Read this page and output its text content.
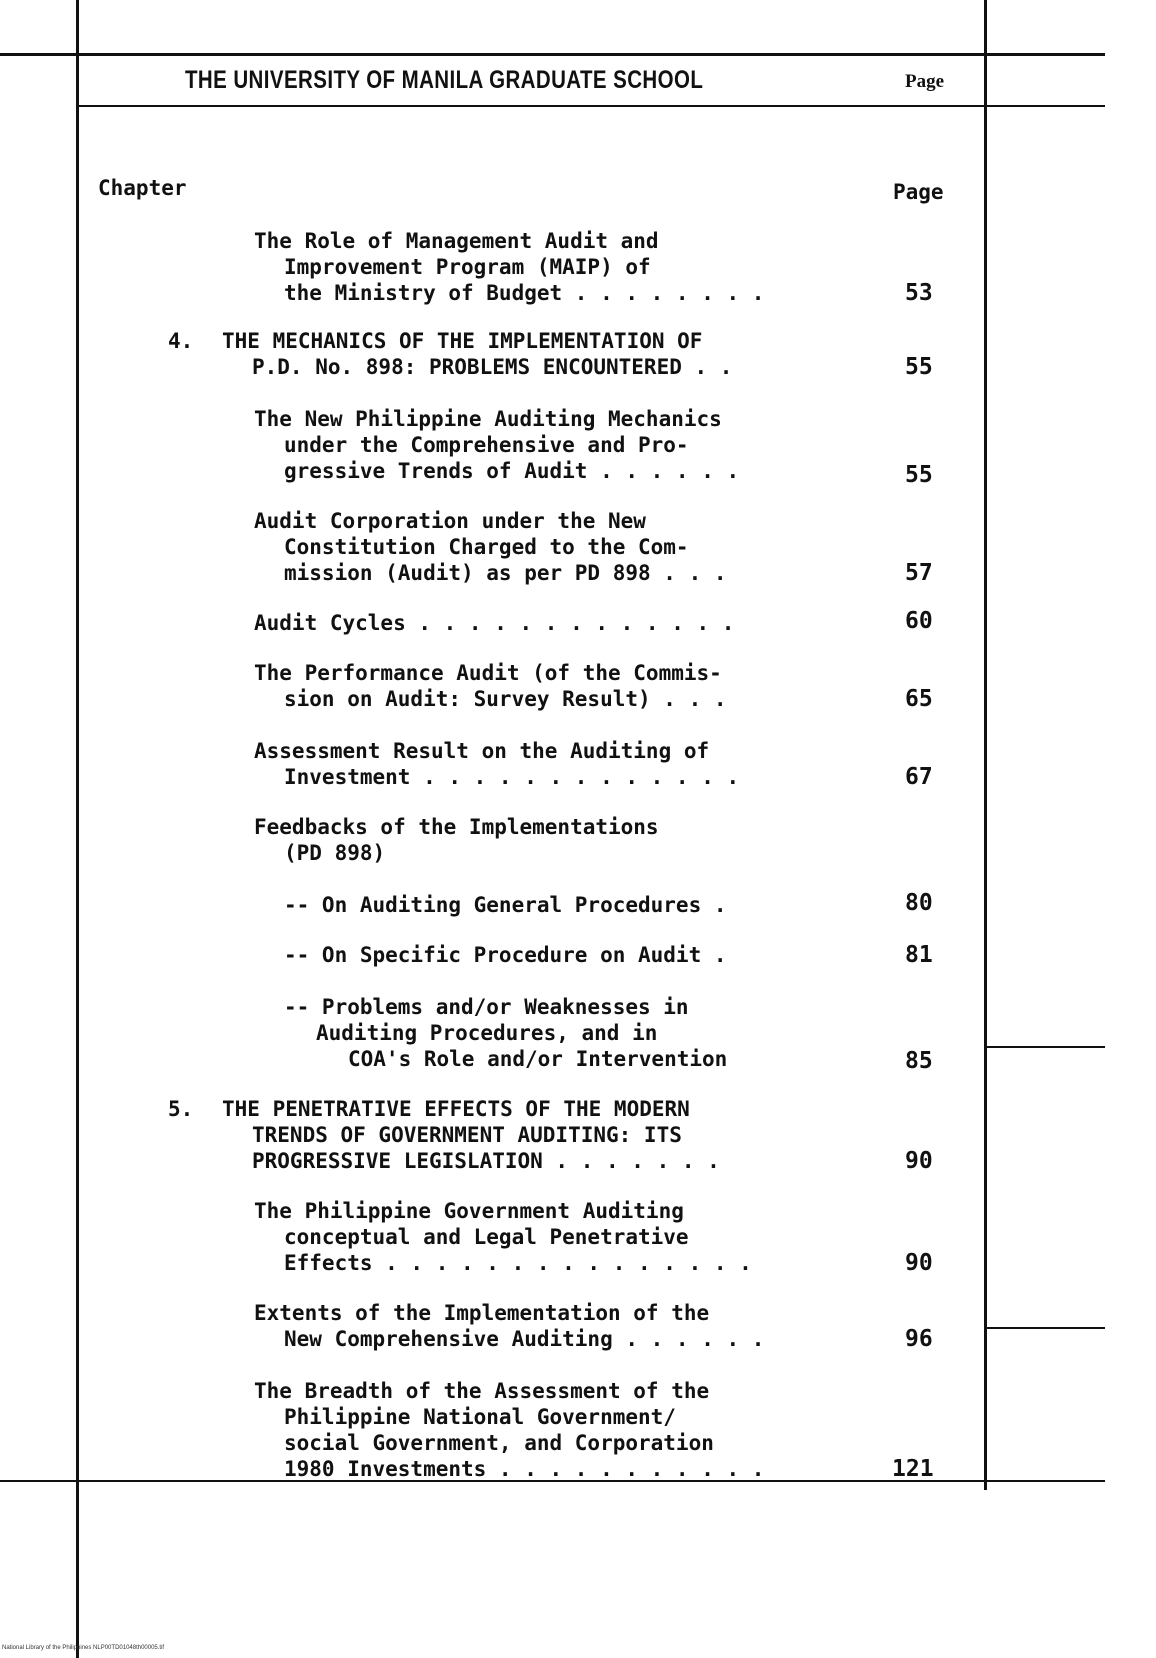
THE UNIVERSITY OF MANILA GRADUATE SCHOOL	Page
Chapter	Page
The Role of Management Audit and
Improvement Program (MAIP) of
the Ministry of Budget . . . . . . . .	53
4. THE MECHANICS OF THE IMPLEMENTATION OF
P.D. No. 898: PROBLEMS ENCOUNTERED . .	55
The New Philippine Auditing Mechanics
under the Comprehensive and Pro-
gressive Trends of Audit . . . . . .	55
Audit Corporation under the New
Constitution Charged to the Com-
mission (Audit) as per PD 898 . . .	57
Audit Cycles . . . . . . . . . . . . .	60
The Performance Audit (of the Commis-
sion on Audit: Survey Result) . . .	65
Assessment Result on the Auditing of
Investment . . . . . . . . . . . . .	67
Feedbacks of the Implementations
(PD 898)
-- On Auditing General Procedures .	80
-- On Specific Procedure on Audit .	81
-- Problems and/or Weaknesses in
Auditing Procedures, and in
COA's Role and/or Intervention	85
5. THE PENETRATIVE EFFECTS OF THE MODERN
TRENDS OF GOVERNMENT AUDITING: ITS
PROGRESSIVE LEGISLATION . . . . . . .	90
The Philippine Government Auditing
conceptual and Legal Penetrative
Effects . . . . . . . . . . . . . . .	90
Extents of the Implementation of the
New Comprehensive Auditing . . . . . .	96
The Breadth of the Assessment of the
Philippine National Government/
social Government, and Corporation
1980 Investments . . . . . . . . . . .	121
National Library of the Philippines NLP00TD01048th00005.tif
